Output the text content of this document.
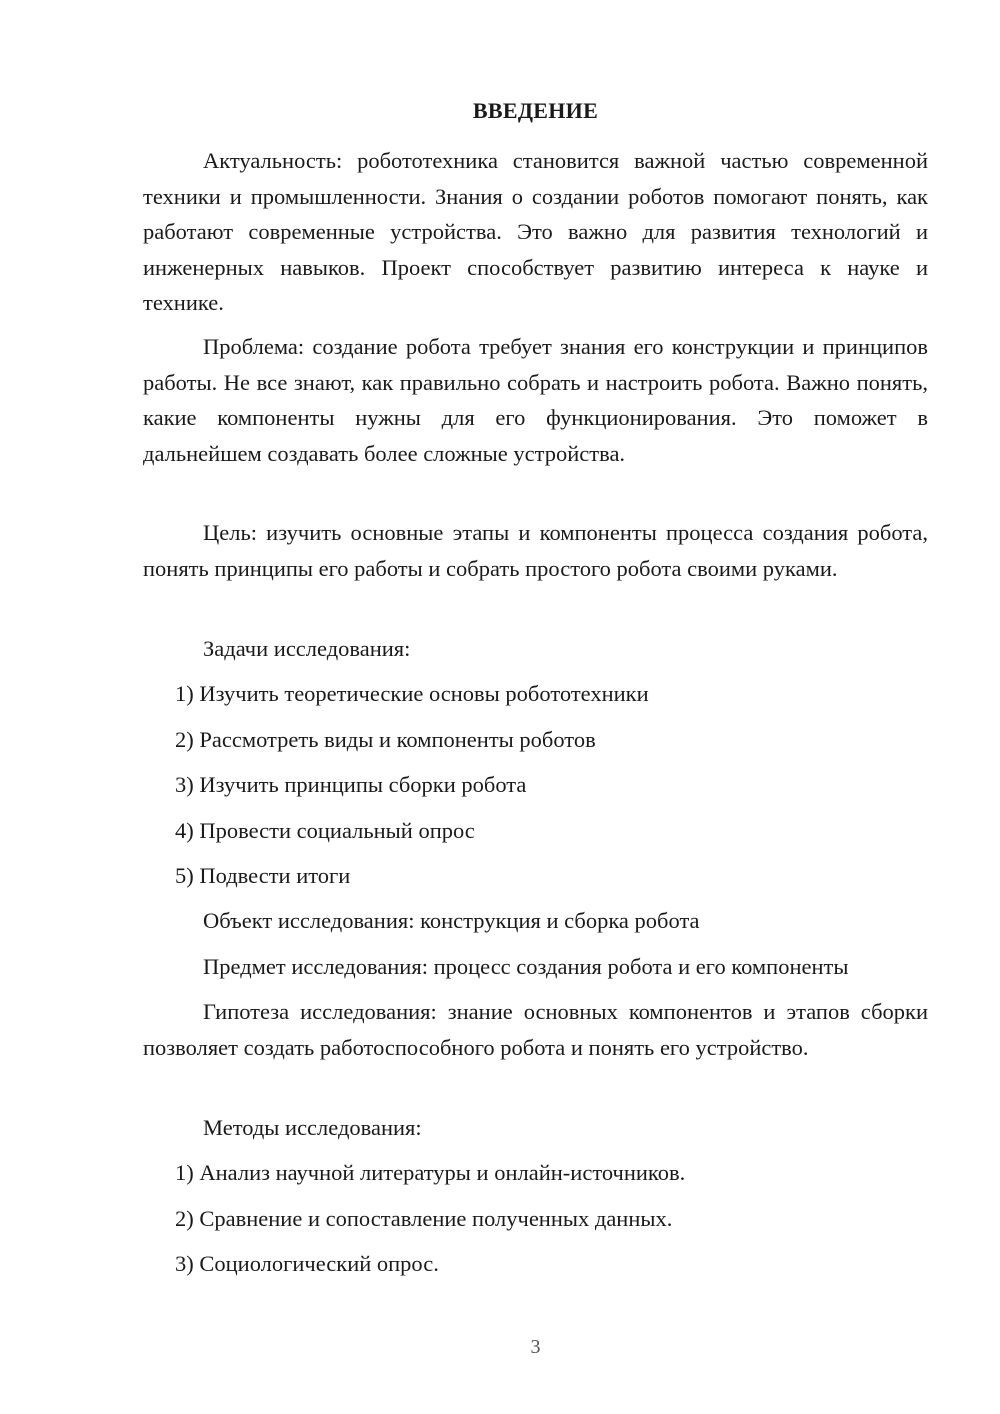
ВВЕДЕНИЕ

Актуальность: робототехника становится важной частью современной техники и промышленности. Знания о создании роботов помогают понять, как работают современные устройства. Это важно для развития технологий и инженерных навыков. Проект способствует развитию интереса к науке и технике.

Проблема: создание робота требует знания его конструкции и принципов работы. Не все знают, как правильно собрать и настроить робота. Важно понять, какие компоненты нужны для его функционирования. Это поможет в дальнейшем создавать более сложные устройства.

Цель: изучить основные этапы и компоненты процесса создания робота, понять принципы его работы и собрать простого робота своими руками.

Задачи исследования:

1) Изучить теоретические основы робототехники

2) Рассмотреть виды и компоненты роботов

3) Изучить принципы сборки робота

4) Провести социальный опрос

5) Подвести итоги

Объект исследования: конструкция и сборка робота

Предмет исследования: процесс создания робота и его компоненты

Гипотеза исследования: знание основных компонентов и этапов сборки позволяет создать работоспособного робота и понять его устройство.

Методы исследования:

1) Анализ научной литературы и онлайн-источников.

2) Сравнение и сопоставление полученных данных.

3) Социологический опрос.

3
